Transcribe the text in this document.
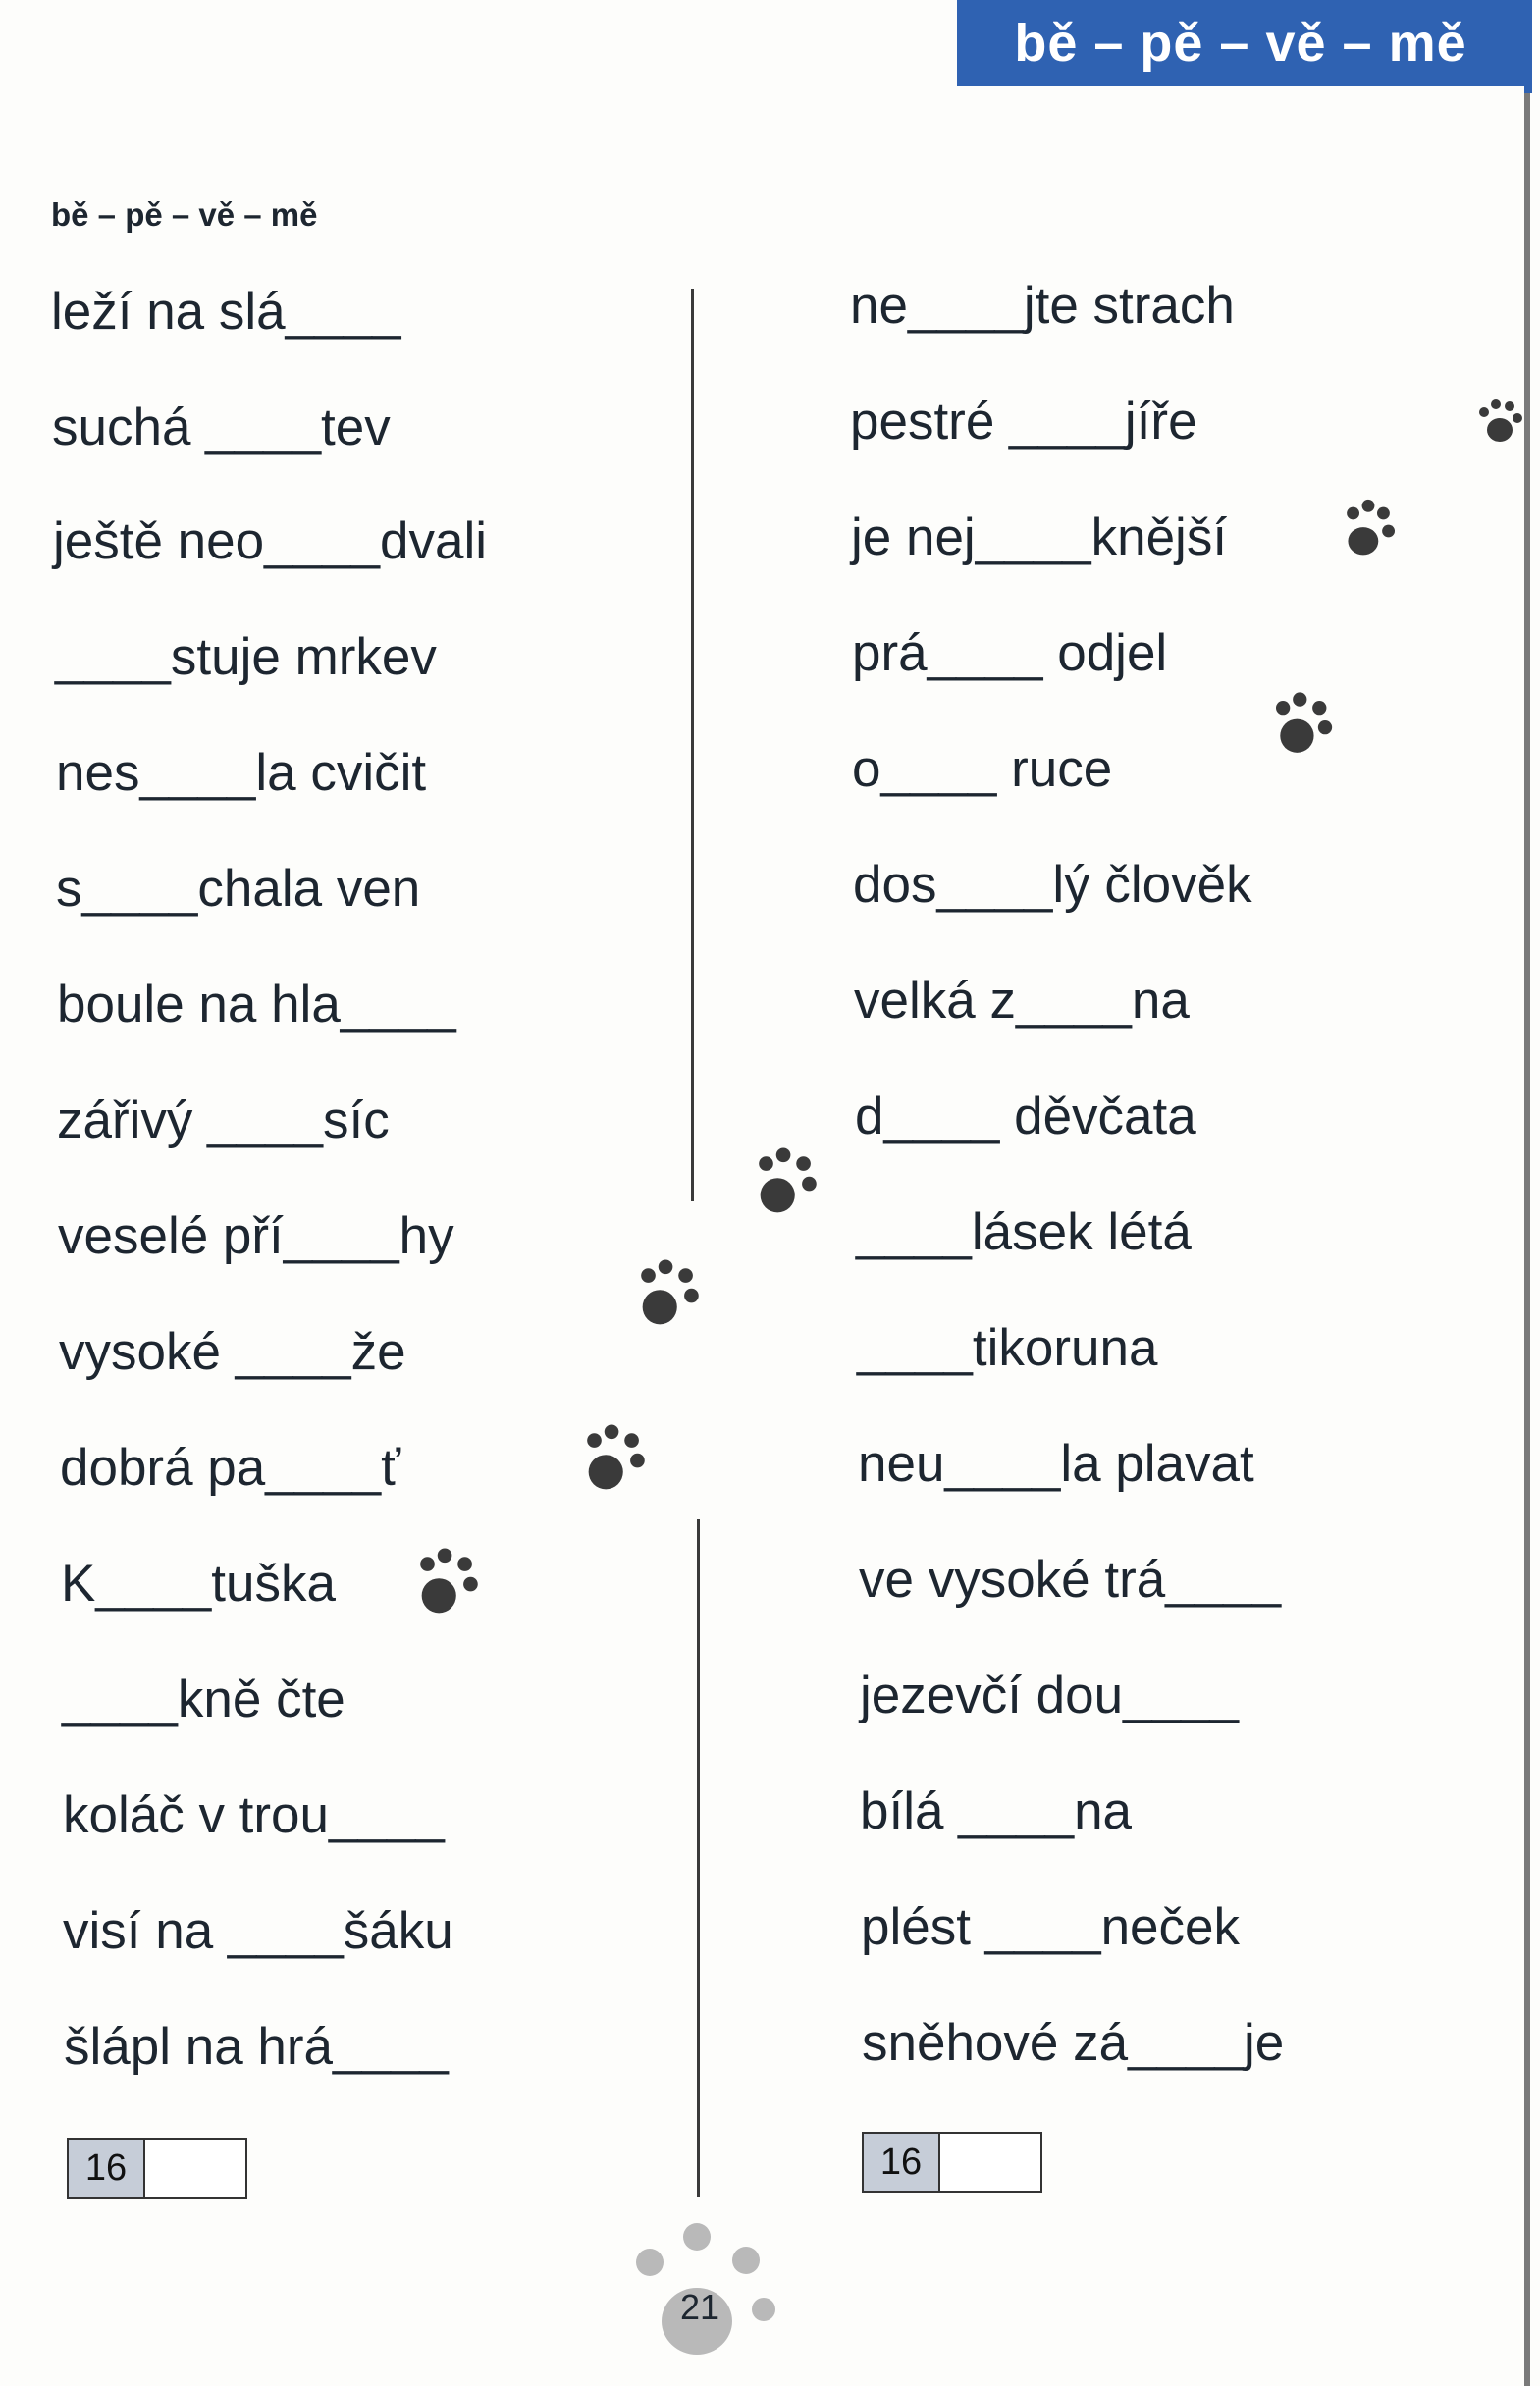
bě – pě – vě – mě
bě – pě – vě – mě
leží na slá____
suchá ____tev
ještě neo____dvali
____stuje mrkev
nes____la cvičit
s____chala ven
boule na hla____
zářivý ____síc
veselé pří____hy
vysoké ____že
dobrá pa____ť
K____tuška
____kně čte
koláč v trou____
visí na ____šáku
šlápl na hrá____
ne____jte strach
pestré ____jíře
je nej____knější
prá____ odjel
o____ ruce
dos____lý člověk
velká z____na
d____ děvčata
____lásek létá
____tikoruna
neu____la plavat
ve vysoké trá____
jezevčí dou____
bílá ____na
plést ____neček
sněhové zá____je
16	16
21
